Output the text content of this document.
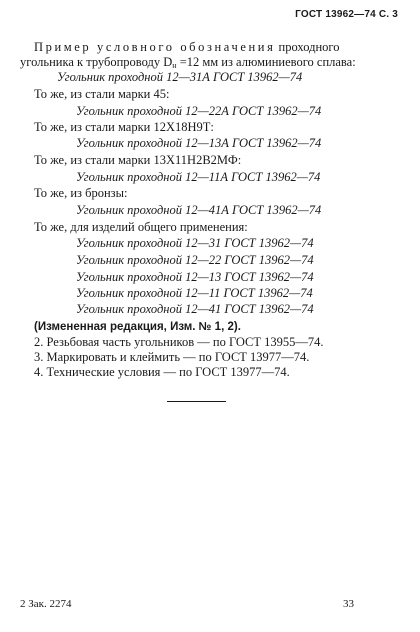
ГОСТ 13962—74 С. 3
Пример условного обозначения проходного
угольника к трубопроводу $D_н =12$ мм из алюминиевого сплава:
Угольник проходной 12—31А ГОСТ 13962—74
То же, из стали марки 45:
Угольник проходной 12—22А ГОСТ 13962—74
То же, из стали марки 12Х18Н9Т:
Угольник проходной 12—13А ГОСТ 13962—74
То же, из стали марки 13Х11Н2В2МФ:
Угольник проходной 12—11А ГОСТ 13962—74
То же, из бронзы:
Угольник проходной 12—41А ГОСТ 13962—74
То же, для изделий общего применения:
Угольник проходной 12—31 ГОСТ 13962—74
Угольник проходной 12—22 ГОСТ 13962—74
Угольник проходной 12—13 ГОСТ 13962—74
Угольник проходной 12—11 ГОСТ 13962—74
Угольник проходной 12—41 ГОСТ 13962—74
(Измененная редакция, Изм. № 1, 2).
2. Резьбовая часть угольников — по ГОСТ 13955—74.
3. Маркировать и клеймить — по ГОСТ 13977—74.
4. Технические условия — по ГОСТ 13977—74.
2 Зак. 2274	33
